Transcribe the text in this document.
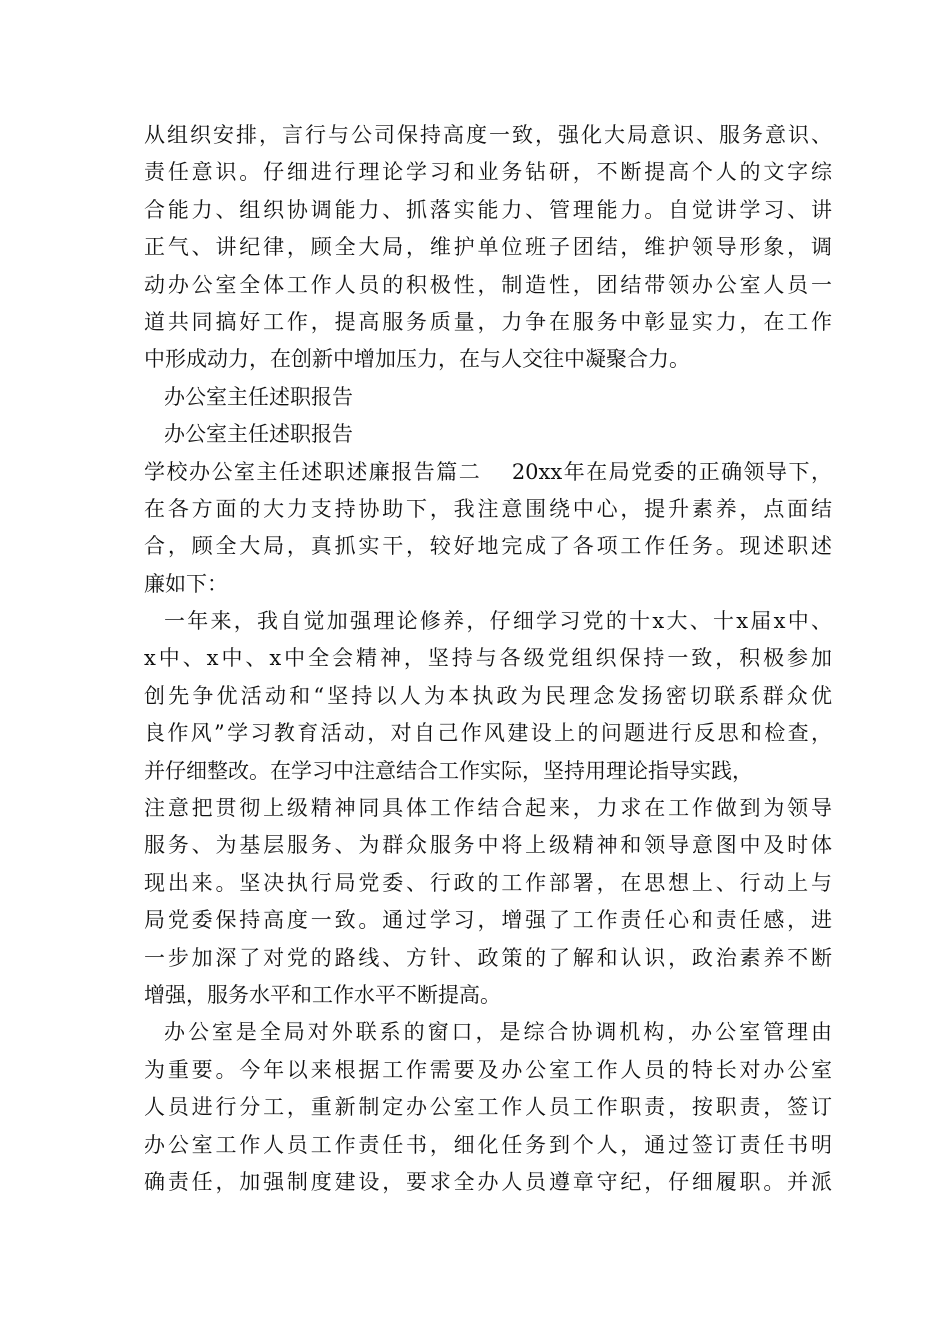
从组织安排，言行与公司保持高度一致，强化大局意识、服务意识、
责任意识。仔细进行理论学习和业务钻研，不断提高个人的文字综
合能力、组织协调能力、抓落实能力、管理能力。自觉讲学习、讲
正气、讲纪律，顾全大局，维护单位班子团结，维护领导形象，调
动办公室全体工作人员的积极性，制造性，团结带领办公室人员一
道共同搞好工作，提高服务质量，力争在服务中彰显实力，在工作
中形成动力，在创新中增加压力，在与人交往中凝聚合力。
办公室主任述职报告
办公室主任述职报告
学校办公室主任述职述廉报告篇二　 20xx年在局党委的正确领导下，
在各方面的大力支持协助下，我注意围绕中心，提升素养，点面结
合，顾全大局，真抓实干，较好地完成了各项工作任务。现述职述
廉如下：
一年来，我自觉加强理论修养，仔细学习党的十x大、十x届x中、
x中、x中、x中全会精神，坚持与各级党组织保持一致，积极参加
创先争优活动和“坚持以人为本执政为民理念发扬密切联系群众优
良作风”学习教育活动，对自己作风建设上的问题进行反思和检查，
并仔细整改。在学习中注意结合工作实际，坚持用理论指导实践，
注意把贯彻上级精神同具体工作结合起来，力求在工作做到为领导
服务、为基层服务、为群众服务中将上级精神和领导意图中及时体
现出来。坚决执行局党委、行政的工作部署，在思想上、行动上与
局党委保持高度一致。通过学习，增强了工作责任心和责任感，进
一步加深了对党的路线、方针、政策的了解和认识，政治素养不断
增强，服务水平和工作水平不断提高。
办公室是全局对外联系的窗口，是综合协调机构，办公室管理由
为重要。今年以来根据工作需要及办公室工作人员的特长对办公室
人员进行分工，重新制定办公室工作人员工作职责，按职责，签订
办公室工作人员工作责任书，细化任务到个人，通过签订责任书明
确责任，加强制度建设，要求全办人员遵章守纪，仔细履职。并派
